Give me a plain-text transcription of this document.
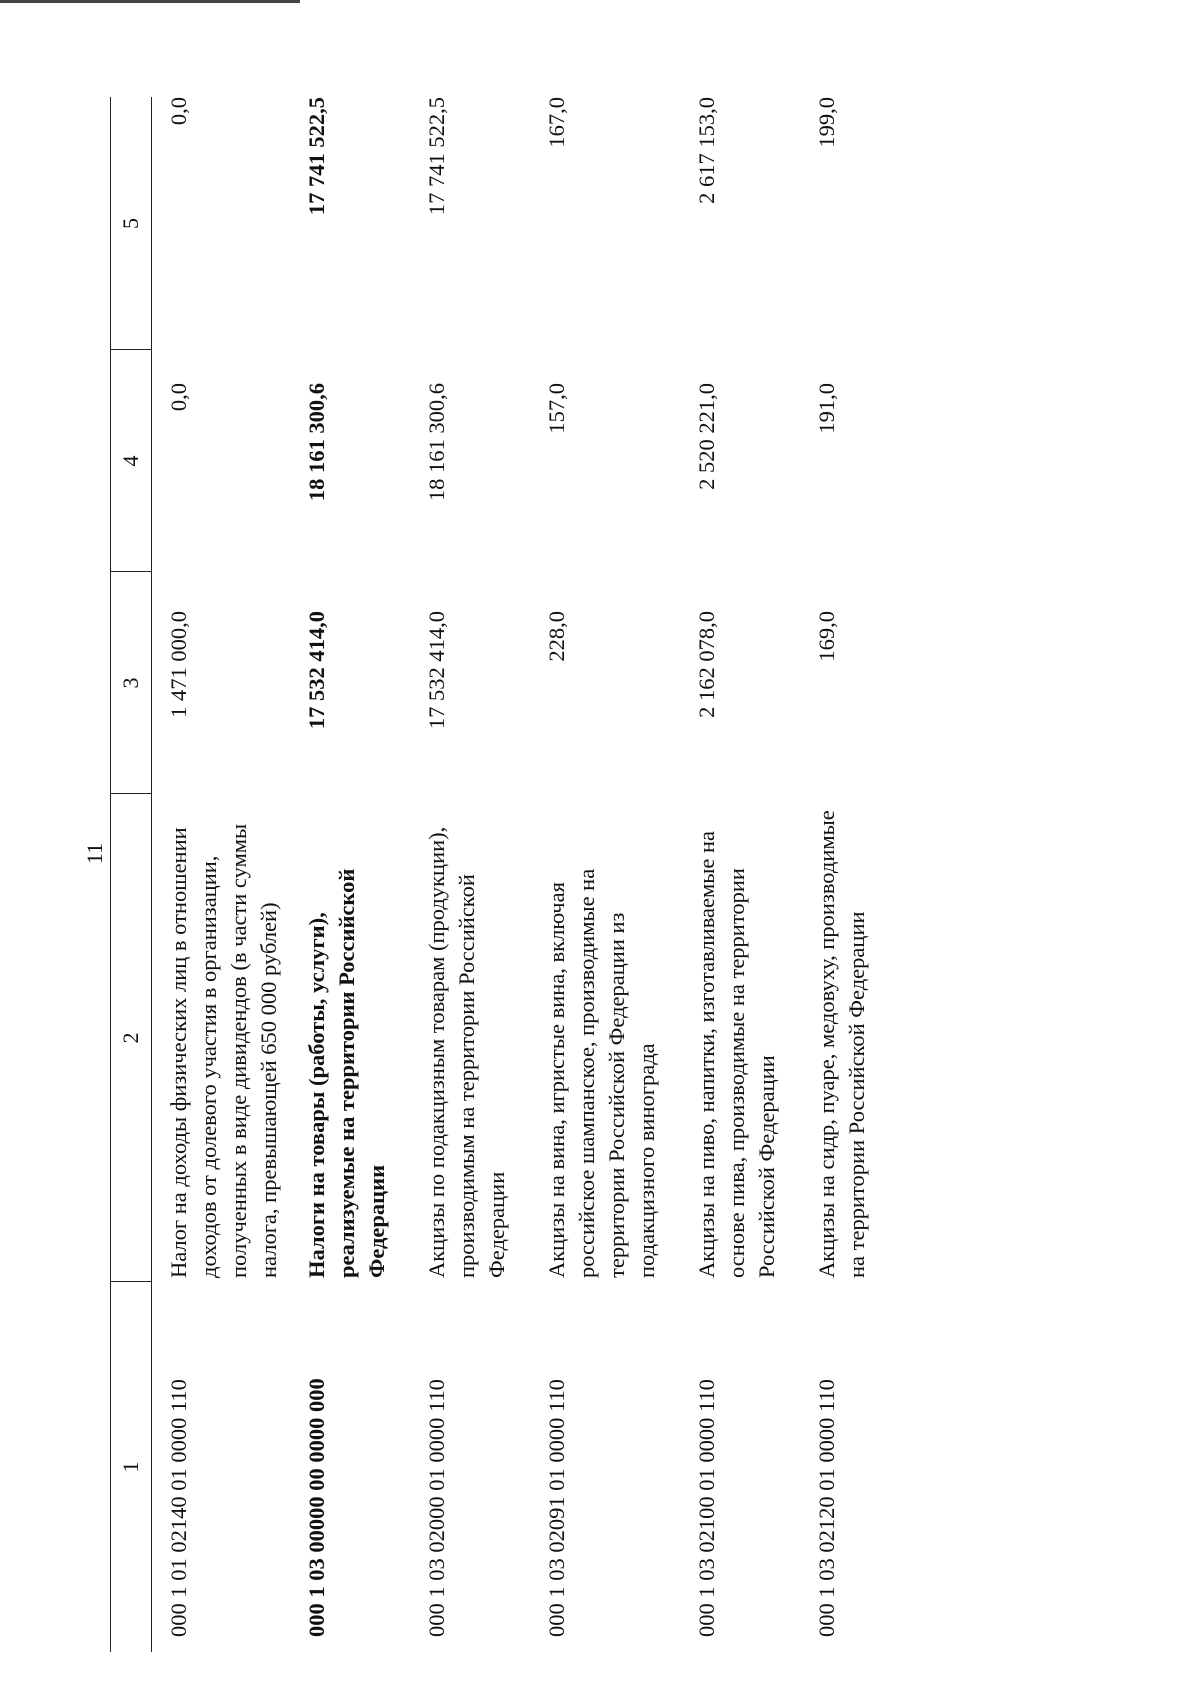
11
1
2
3
4
5
000 1 01 02140 01 0000 110
Налог на доходы физических лиц в отношении доходов от долевого участия в организации, полученных в виде дивидендов (в части суммы налога, превышающей 650 000 рублей)
1 471 000,0
0,0
0,0
000 1 03 00000 00 0000 000
Налоги на товары (работы, услуги), реализуемые на территории Российской Федерации
17 532 414,0
18 161 300,6
17 741 522,5
000 1 03 02000 01 0000 110
Акцизы по подакцизным товарам (продукции), производимым на территории Российской Федерации
17 532 414,0
18 161 300,6
17 741 522,5
000 1 03 02091 01 0000 110
Акцизы на вина, игристые вина, включая российское шампанское, производимые на территории Российской Федерации из подакцизного винограда
228,0
157,0
167,0
000 1 03 02100 01 0000 110
Акцизы на пиво, напитки, изготавливаемые на основе пива, производимые на территории Российской Федерации
2 162 078,0
2 520 221,0
2 617 153,0
000 1 03 02120 01 0000 110
Акцизы на сидр, пуаре, медовуху, производимые на территории Российской Федерации
169,0
191,0
199,0
